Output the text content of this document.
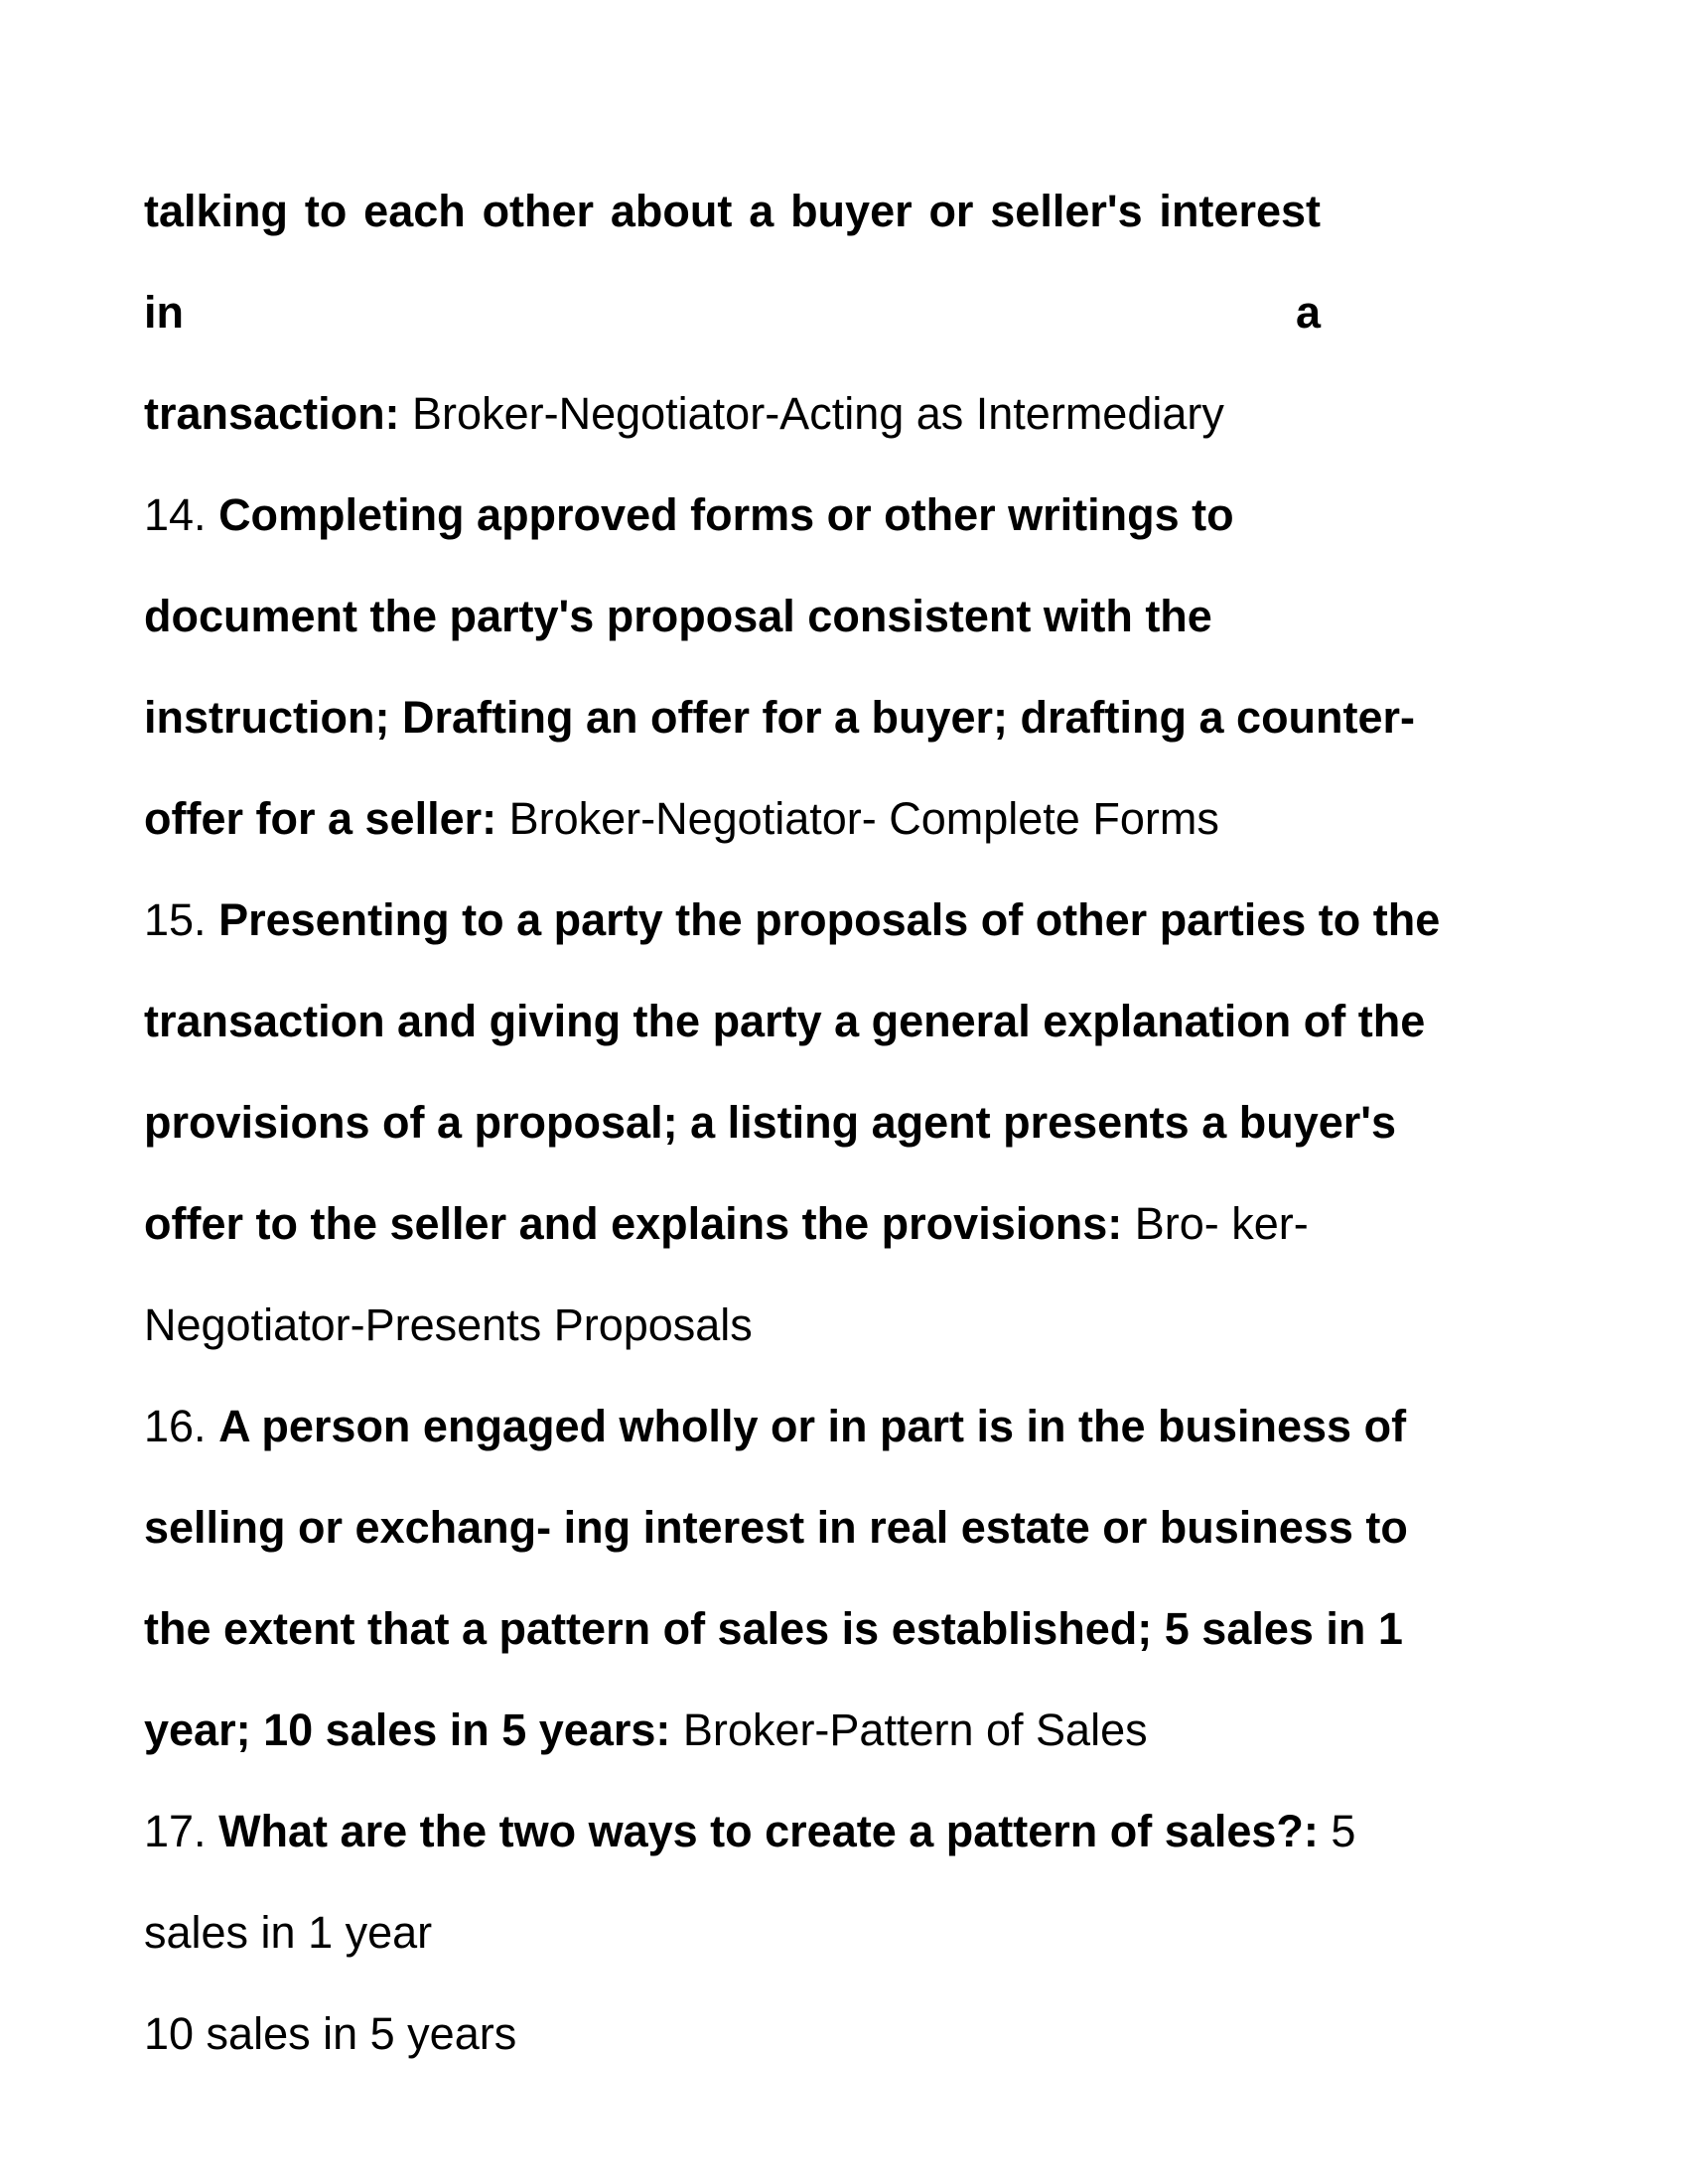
talking to each other about a buyer or seller's interest in a
transaction: Broker-Negotiator-Acting as Intermediary
14. Completing approved forms or other writings to
document the party's proposal consistent with the
instruction; Drafting an offer for a buyer; drafting a counter-
offer for a seller: Broker-Negotiator- Complete Forms
15. Presenting to a party the proposals of other parties to the
transaction and giving the party a general explanation of the
provisions of a proposal; a listing agent presents a buyer's
offer to the seller and explains the provisions: Bro- ker-
Negotiator-Presents Proposals
16. A person engaged wholly or in part is in the business of
selling or exchang- ing interest in real estate or business to
the extent that a pattern of sales is established; 5 sales in 1
year; 10 sales in 5 years: Broker-Pattern of Sales
17. What are the two ways to create a pattern of sales?: 5
sales in 1 year
10 sales in 5 years
